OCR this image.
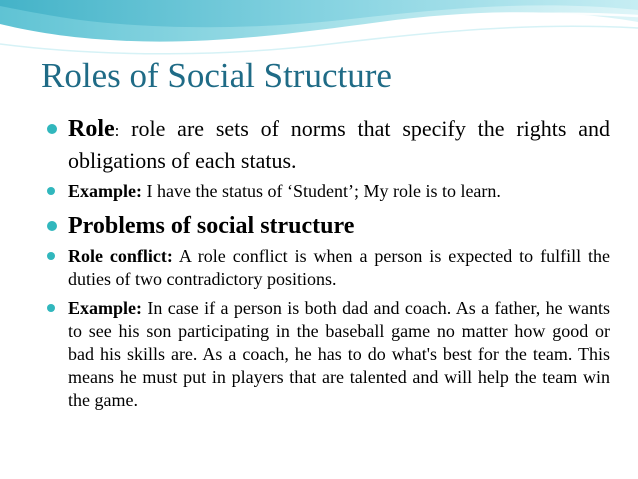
Roles of Social Structure
Role: role are sets of norms that specify the rights and obligations of each status.
Example: I have the status of ‘Student’; My role is to learn.
Problems of social structure
Role conflict: A role conflict is when a person is expected to fulfill the duties of two contradictory positions.
Example: In case if a person is both dad and coach. As a father, he wants to see his son participating in the baseball game no matter how good or bad his skills are. As a coach, he has to do what's best for the team. This means he must put in players that are talented and will help the team win the game.
